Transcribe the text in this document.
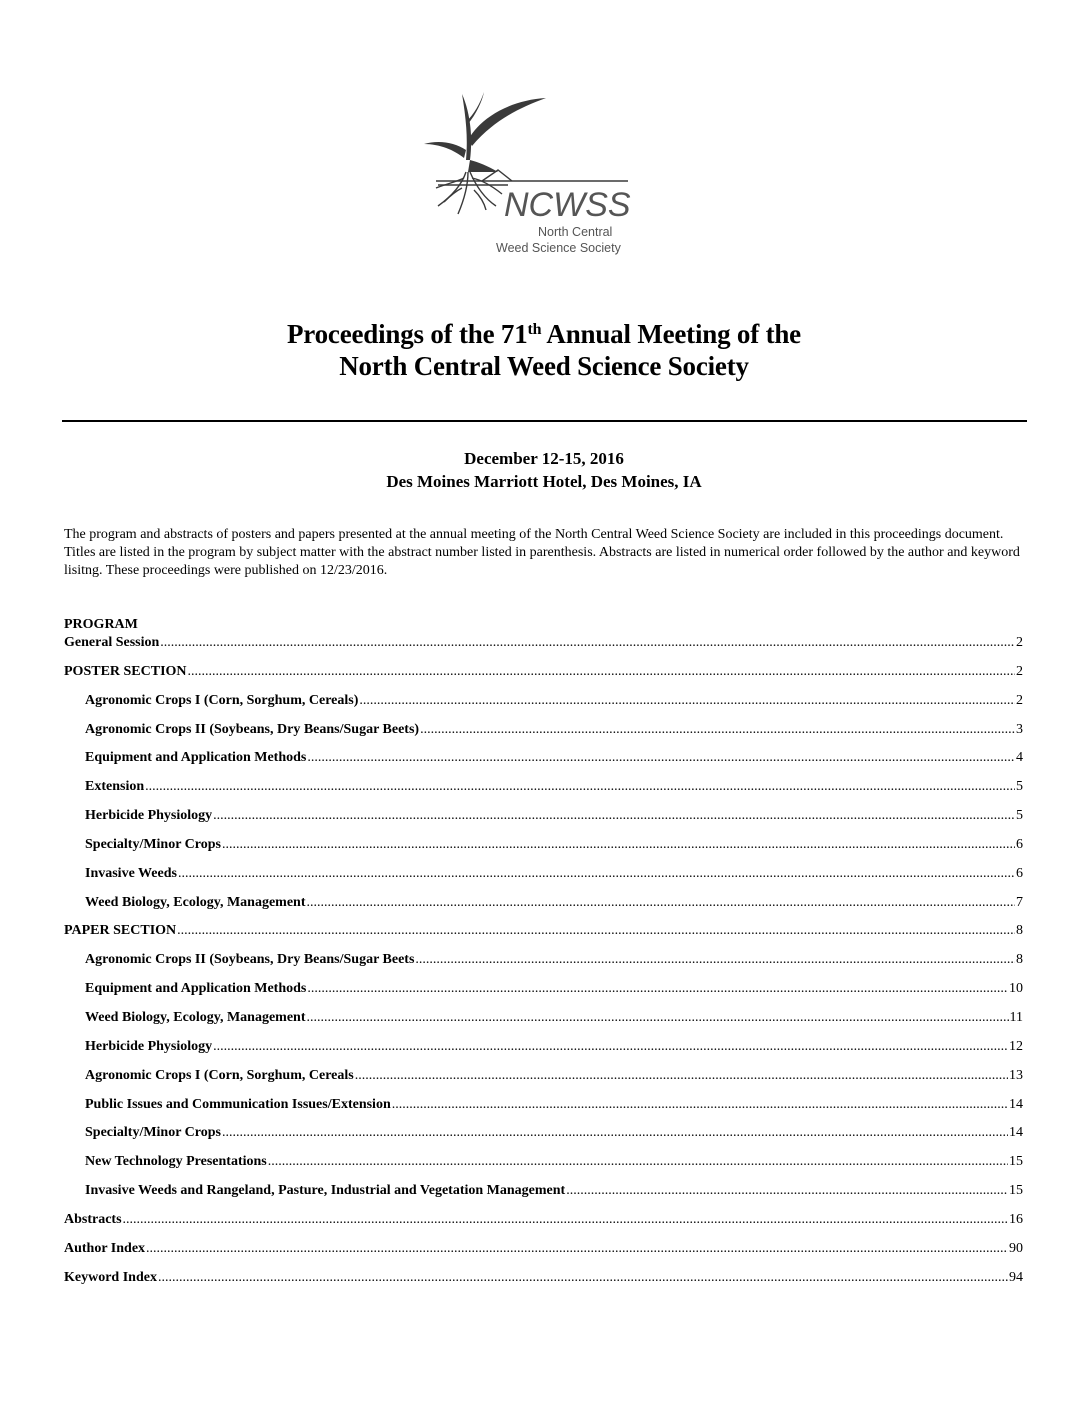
NCWSS
North Central
Weed Science Society
Proceedings of the 71th Annual Meeting of the
North Central Weed Science Society
December 12-15, 2016
Des Moines Marriott Hotel, Des Moines, IA

The program and abstracts of posters and papers presented at the annual meeting of the North Central Weed Science Society are included in this proceedings document. Titles are listed in the program by subject matter with the abstract number listed in parenthesis. Abstracts are listed in numerical order followed by the author and keyword lisitng. These proceedings were published on 12/23/2016.

PROGRAM
General Session .....	2
POSTER SECTION .....	2
Agronomic Crops I (Corn, Sorghum, Cereals) .....	2
Agronomic Crops II (Soybeans, Dry Beans/Sugar Beets) .....	3
Equipment and Application Methods .....	4
Extension .....	5
Herbicide Physiology .....	5
Specialty/Minor Crops .....	6
Invasive Weeds .....	6
Weed Biology, Ecology, Management .....	7
PAPER SECTION .....	8
Agronomic Crops II (Soybeans, Dry Beans/Sugar Beets .....	8
Equipment and Application Methods .....	10
Weed Biology, Ecology, Management .....	11
Herbicide Physiology .....	12
Agronomic Crops I (Corn, Sorghum, Cereals .....	13
Public Issues and Communication Issues/Extension .....	14
Specialty/Minor Crops .....	14
New Technology Presentations .....	15
Invasive Weeds and Rangeland, Pasture, Industrial and Vegetation Management .....	15
Abstracts .....	16
Author Index .....	90
Keyword Index .....	94
